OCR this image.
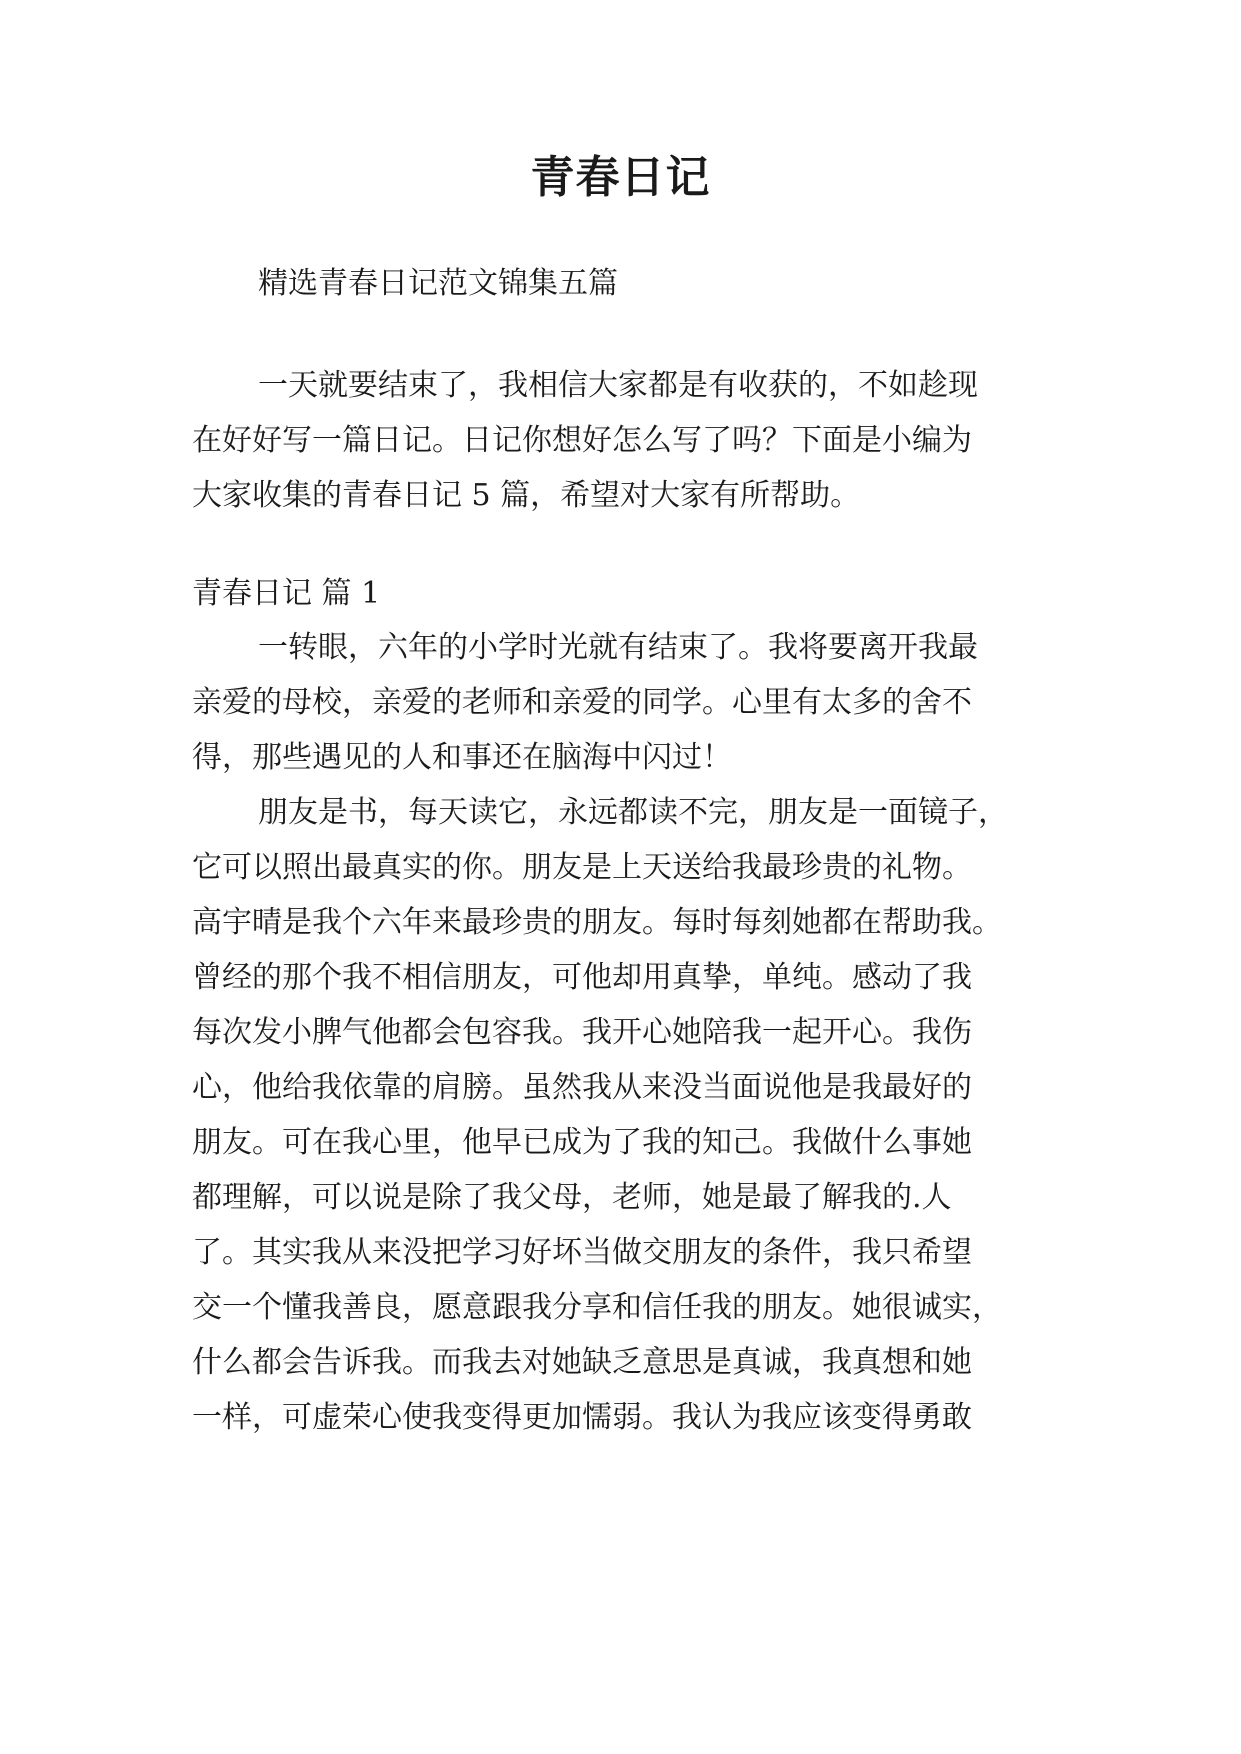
青春日记

精选青春日记范文锦集五篇

一天就要结束了，我相信大家都是有收获的，不如趁现

在好好写一篇日记。日记你想好怎么写了吗？下面是小编为

大家收集的青春日记 5 篇，希望对大家有所帮助。

青春日记 篇 1

一转眼，六年的小学时光就有结束了。我将要离开我最

亲爱的母校，亲爱的老师和亲爱的同学。心里有太多的舍不

得，那些遇见的人和事还在脑海中闪过！

朋友是书，每天读它，永远都读不完，朋友是一面镜子，

它可以照出最真实的你。朋友是上天送给我最珍贵的礼物。

高宇晴是我个六年来最珍贵的朋友。每时每刻她都在帮助我。

曾经的那个我不相信朋友，可他却用真挚，单纯。感动了我

每次发小脾气他都会包容我。我开心她陪我一起开心。我伤

心，他给我依靠的肩膀。虽然我从来没当面说他是我最好的

朋友。可在我心里，他早已成为了我的知己。我做什么事她

都理解，可以说是除了我父母，老师，她是最了解我的.人

了。其实我从来没把学习好坏当做交朋友的条件，我只希望

交一个懂我善良，愿意跟我分享和信任我的朋友。她很诚实，

什么都会告诉我。而我去对她缺乏意思是真诚，我真想和她

一样，可虚荣心使我变得更加懦弱。我认为我应该变得勇敢
